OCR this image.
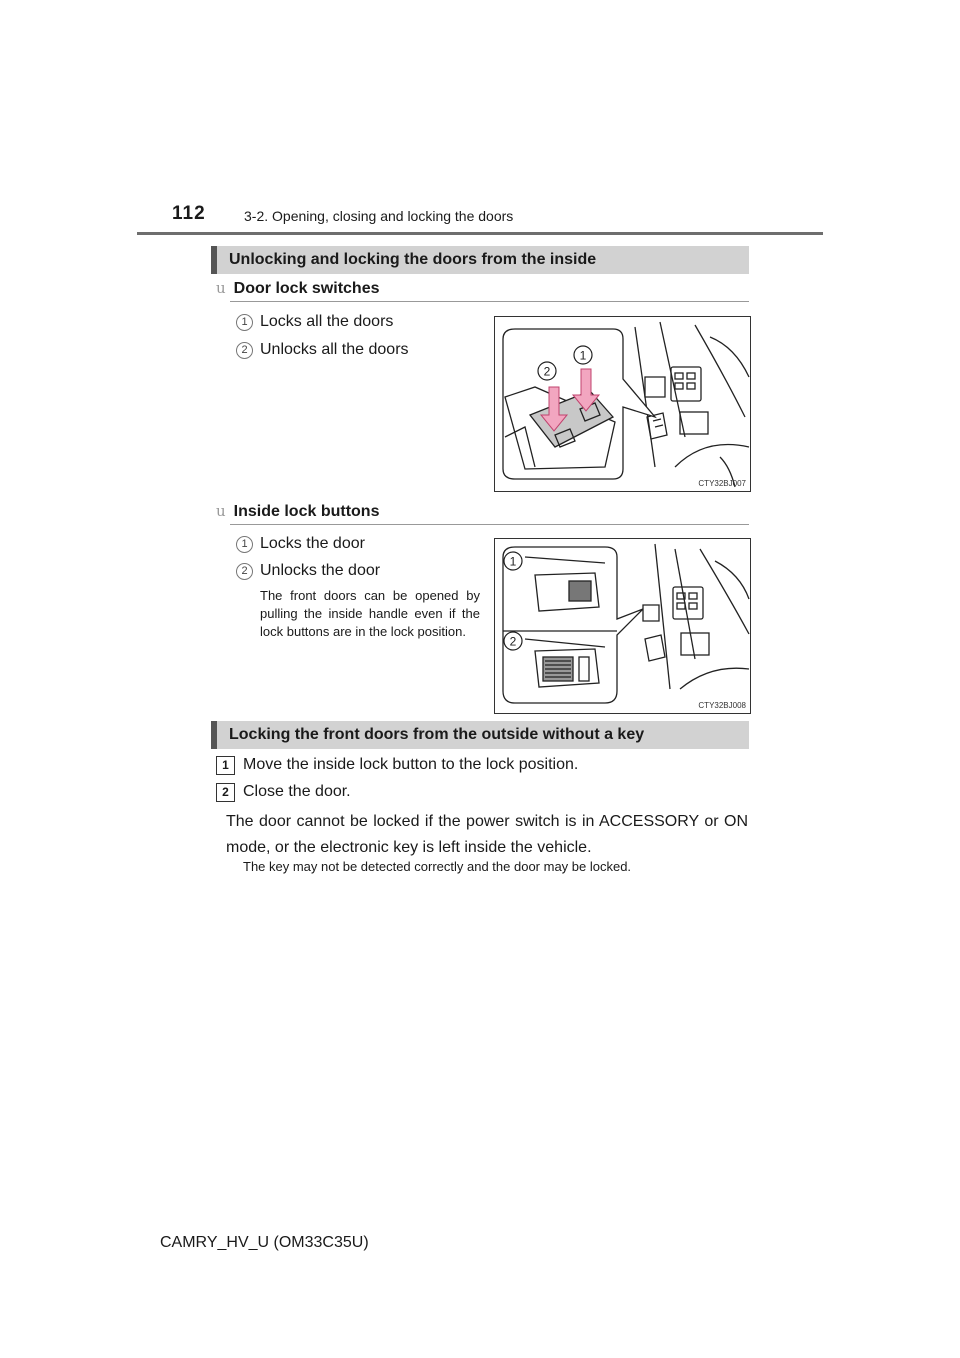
112	3-2. Opening, closing and locking the doors
Unlocking and locking the doors from the inside
u Door lock switches
1 Locks all the doors
2 Unlocks all the doors
2
1
CTY32BJ007
u Inside lock buttons
1 Locks the door
2 Unlocks the door
The front doors can be opened by pulling the inside handle even if the lock buttons are in the lock position.
1
2
CTY32BJ008
Locking the front doors from the outside without a key
1 Move the inside lock button to the lock position.
2 Close the door.
The door cannot be locked if the power switch is in ACCESSORY or ON mode, or the electronic key is left inside the vehicle.
The key may not be detected correctly and the door may be locked.
CAMRY_HV_U (OM33C35U)
